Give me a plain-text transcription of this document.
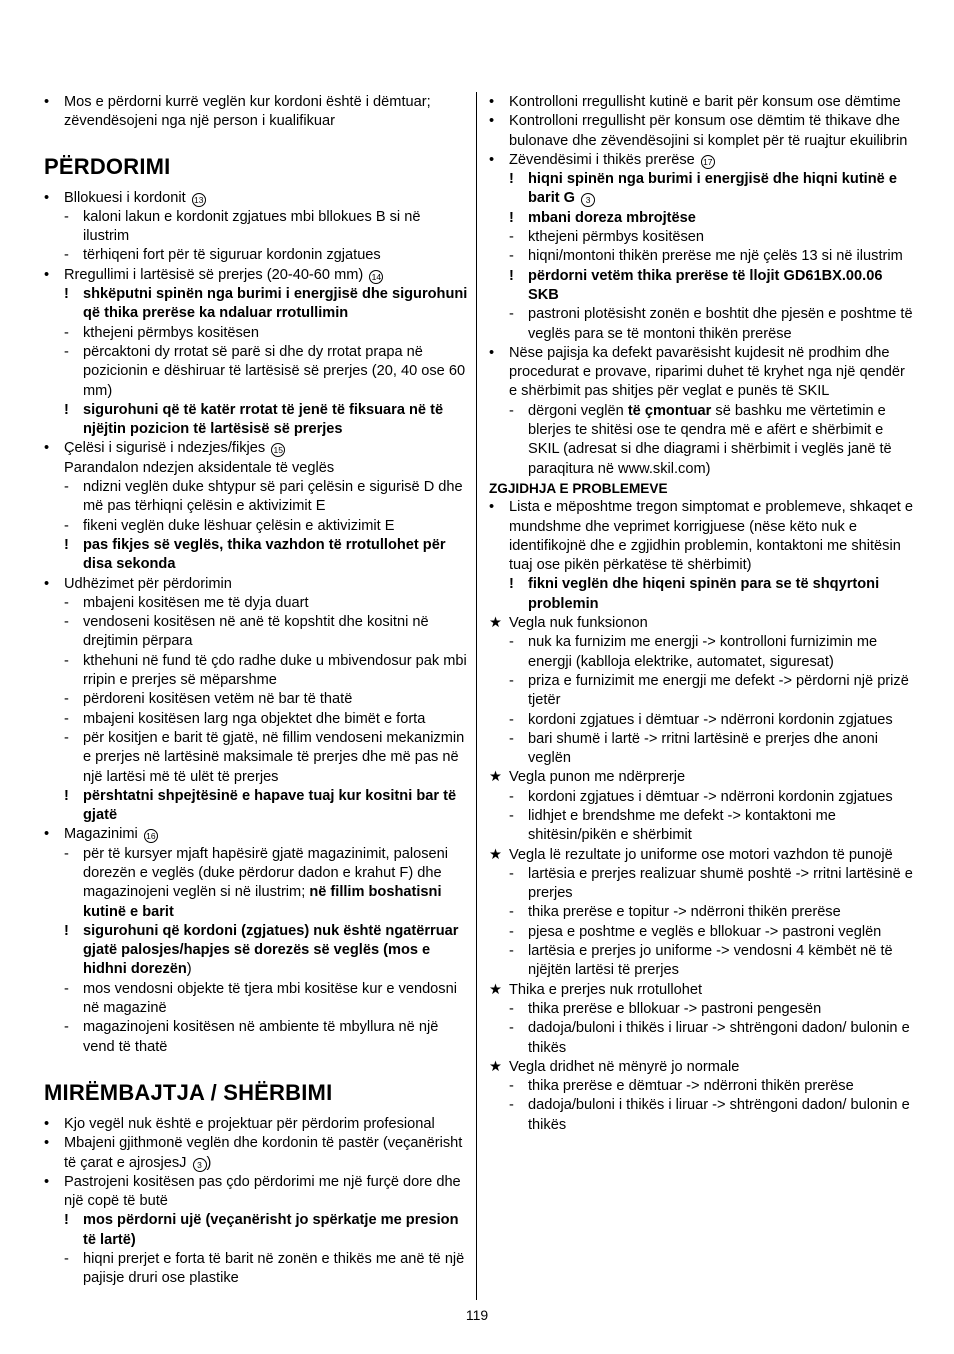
• Mos e përdorni kurrë veglën kur kordoni është i dëmtuar; zëvendësojeni nga një person i kualifikuar
PËRDORIMI
• Bllokuesi i kordonit 13
- kaloni lakun e kordonit zgjatues mbi bllokues B si në ilustrim
- tërhiqeni fort për të siguruar kordonin zgjatues
• Rregullimi i lartësisë së prerjes (20-40-60 mm) 14
! shkëputni spinën nga burimi i energjisë dhe sigurohuni që thika prerëse ka ndaluar rrotullimin
- kthejeni përmbys kositësen
- përcaktoni dy rrotat së parë si dhe dy rrotat prapa në pozicionin e dëshiruar të lartësisë së prerjes (20, 40 ose 60 mm)
! sigurohuni që të katër rrotat të jenë të fiksuara në të njëjtin pozicion të lartësisë së prerjes
• Çelësi i sigurisë i ndezjes/fikjes 15
Parandalon ndezjen aksidentale të veglës
- ndizni veglën duke shtypur së pari çelësin e sigurisë D dhe më pas tërhiqni çelësin e aktivizimit E
- fikeni veglën duke lëshuar çelësin e aktivizimit E
! pas fikjes së veglës, thika vazhdon të rrotullohet për disa sekonda
• Udhëzimet për përdorimin
- mbajeni kositësen me të dyja duart
- vendoseni kositësen në anë të kopshtit dhe kositni në drejtimin përpara
- kthehuni në fund të çdo radhe duke u mbivendosur pak mbi rripin e prerjes së mëparshme
- përdoreni kositësen vetëm në bar të thatë
- mbajeni kositësen larg nga objektet dhe bimët e forta
- për kositjen e barit të gjatë, në fillim vendoseni mekanizmin e prerjes në lartësinë maksimale të prerjes dhe më pas në një lartësi më të ulët të prerjes
! përshtatni shpejtësinë e hapave tuaj kur kositni bar të gjatë
• Magazinimi 16
- për të kursyer mjaft hapësirë gjatë magazinimit, paloseni dorezën e veglës (duke përdorur dadon e krahut F) dhe magazinojeni veglën si në ilustrim; në fillim boshatisni kutinë e barit
! sigurohuni që kordoni (zgjatues) nuk është ngatërruar gjatë palosjes/hapjes së dorezës së veglës (mos e hidhni dorezën)
- mos vendosni objekte të tjera mbi kositëse kur e vendosni në magazinë
- magazinojeni kositësen në ambiente të mbyllura në një vend të thatë
MIRËMBAJTJA / SHËRBIMI
• Kjo vegël nuk është e projektuar për përdorim profesional
• Mbajeni gjithmonë veglën dhe kordonin të pastër (veçanërisht të çarat e ajrosjesJ 3 )
• Pastrojeni kositësen pas çdo përdorimi me një furçë dore dhe një copë të butë
! mos përdorni ujë (veçanërisht jo spërkatje me presion të lartë)
- hiqni prerjet e forta të barit në zonën e thikës me anë të një pajisje druri ose plastike
• Kontrolloni rregullisht kutinë e barit për konsum ose dëmtime
• Kontrolloni rregullisht për konsum ose dëmtim të thikave dhe bulonave dhe zëvendësojini si komplet për të ruajtur ekuilibrin
• Zëvendësimi i thikës prerëse 17
! hiqni spinën nga burimi i energjisë dhe hiqni kutinë e barit G 3
! mbani doreza mbrojtëse
- kthejeni përmbys kositësen
- hiqni/montoni thikën prerëse me një çelës 13 si në ilustrim
! përdorni vetëm thika prerëse të llojit GD61BX.00.06 SKB
- pastroni plotësisht zonën e boshtit dhe pjesën e poshtme të veglës para se të montoni thikën prerëse
• Nëse pajisja ka defekt pavarësisht kujdesit në prodhim dhe procedurat e provave, riparimi duhet të kryhet nga një qendër e shërbimit pas shitjes për veglat e punës të SKIL
- dërgoni veglën të çmontuar së bashku me vërtetimin e blerjes te shitësi ose te qendra më e afërt e shërbimit e SKIL (adresat si dhe diagrami i shërbimit i veglës janë të paraqitura në www.skil.com)
ZGJIDHJA E PROBLEMEVE
• Lista e mëposhtme tregon simptomat e problemeve, shkaqet e mundshme dhe veprimet korrigjuese (nëse këto nuk e identifikojnë dhe e zgjidhin problemin, kontaktoni me shitësin tuaj ose pikën përkatëse të shërbimit)
! fikni veglën dhe hiqeni spinën para se të shqyrtoni problemin
★ Vegla nuk funksionon
- nuk ka furnizim me energji -> kontrolloni furnizimin me energji (kablloja elektrike, automatet, siguresat)
- priza e furnizimit me energji me defekt -> përdorni një prizë tjetër
- kordoni zgjatues i dëmtuar -> ndërroni kordonin zgjatues
- bari shumë i lartë -> rritni lartësinë e prerjes dhe anoni veglën
★ Vegla punon me ndërprerje
- kordoni zgjatues i dëmtuar -> ndërroni kordonin zgjatues
- lidhjet e brendshme me defekt -> kontaktoni me shitësin/pikën e shërbimit
★ Vegla lë rezultate jo uniforme ose motori vazhdon të punojë
- lartësia e prerjes realizuar shumë poshtë -> rritni lartësinë e prerjes
- thika prerëse e topitur -> ndërroni thikën prerëse
- pjesa e poshtme e veglës e bllokuar -> pastroni veglën
- lartësia e prerjes jo uniforme -> vendosni 4 këmbët në të njëjtën lartësi të prerjes
★ Thika e prerjes nuk rrotullohet
- thika prerëse e bllokuar -> pastroni pengesën
- dadoja/buloni i thikës i liruar -> shtrëngoni dadon/ bulonin e thikës
★ Vegla dridhet në mënyrë jo normale
- thika prerëse e dëmtuar -> ndërroni thikën prerëse
- dadoja/buloni i thikës i liruar -> shtrëngoni dadon/ bulonin e thikës
119
